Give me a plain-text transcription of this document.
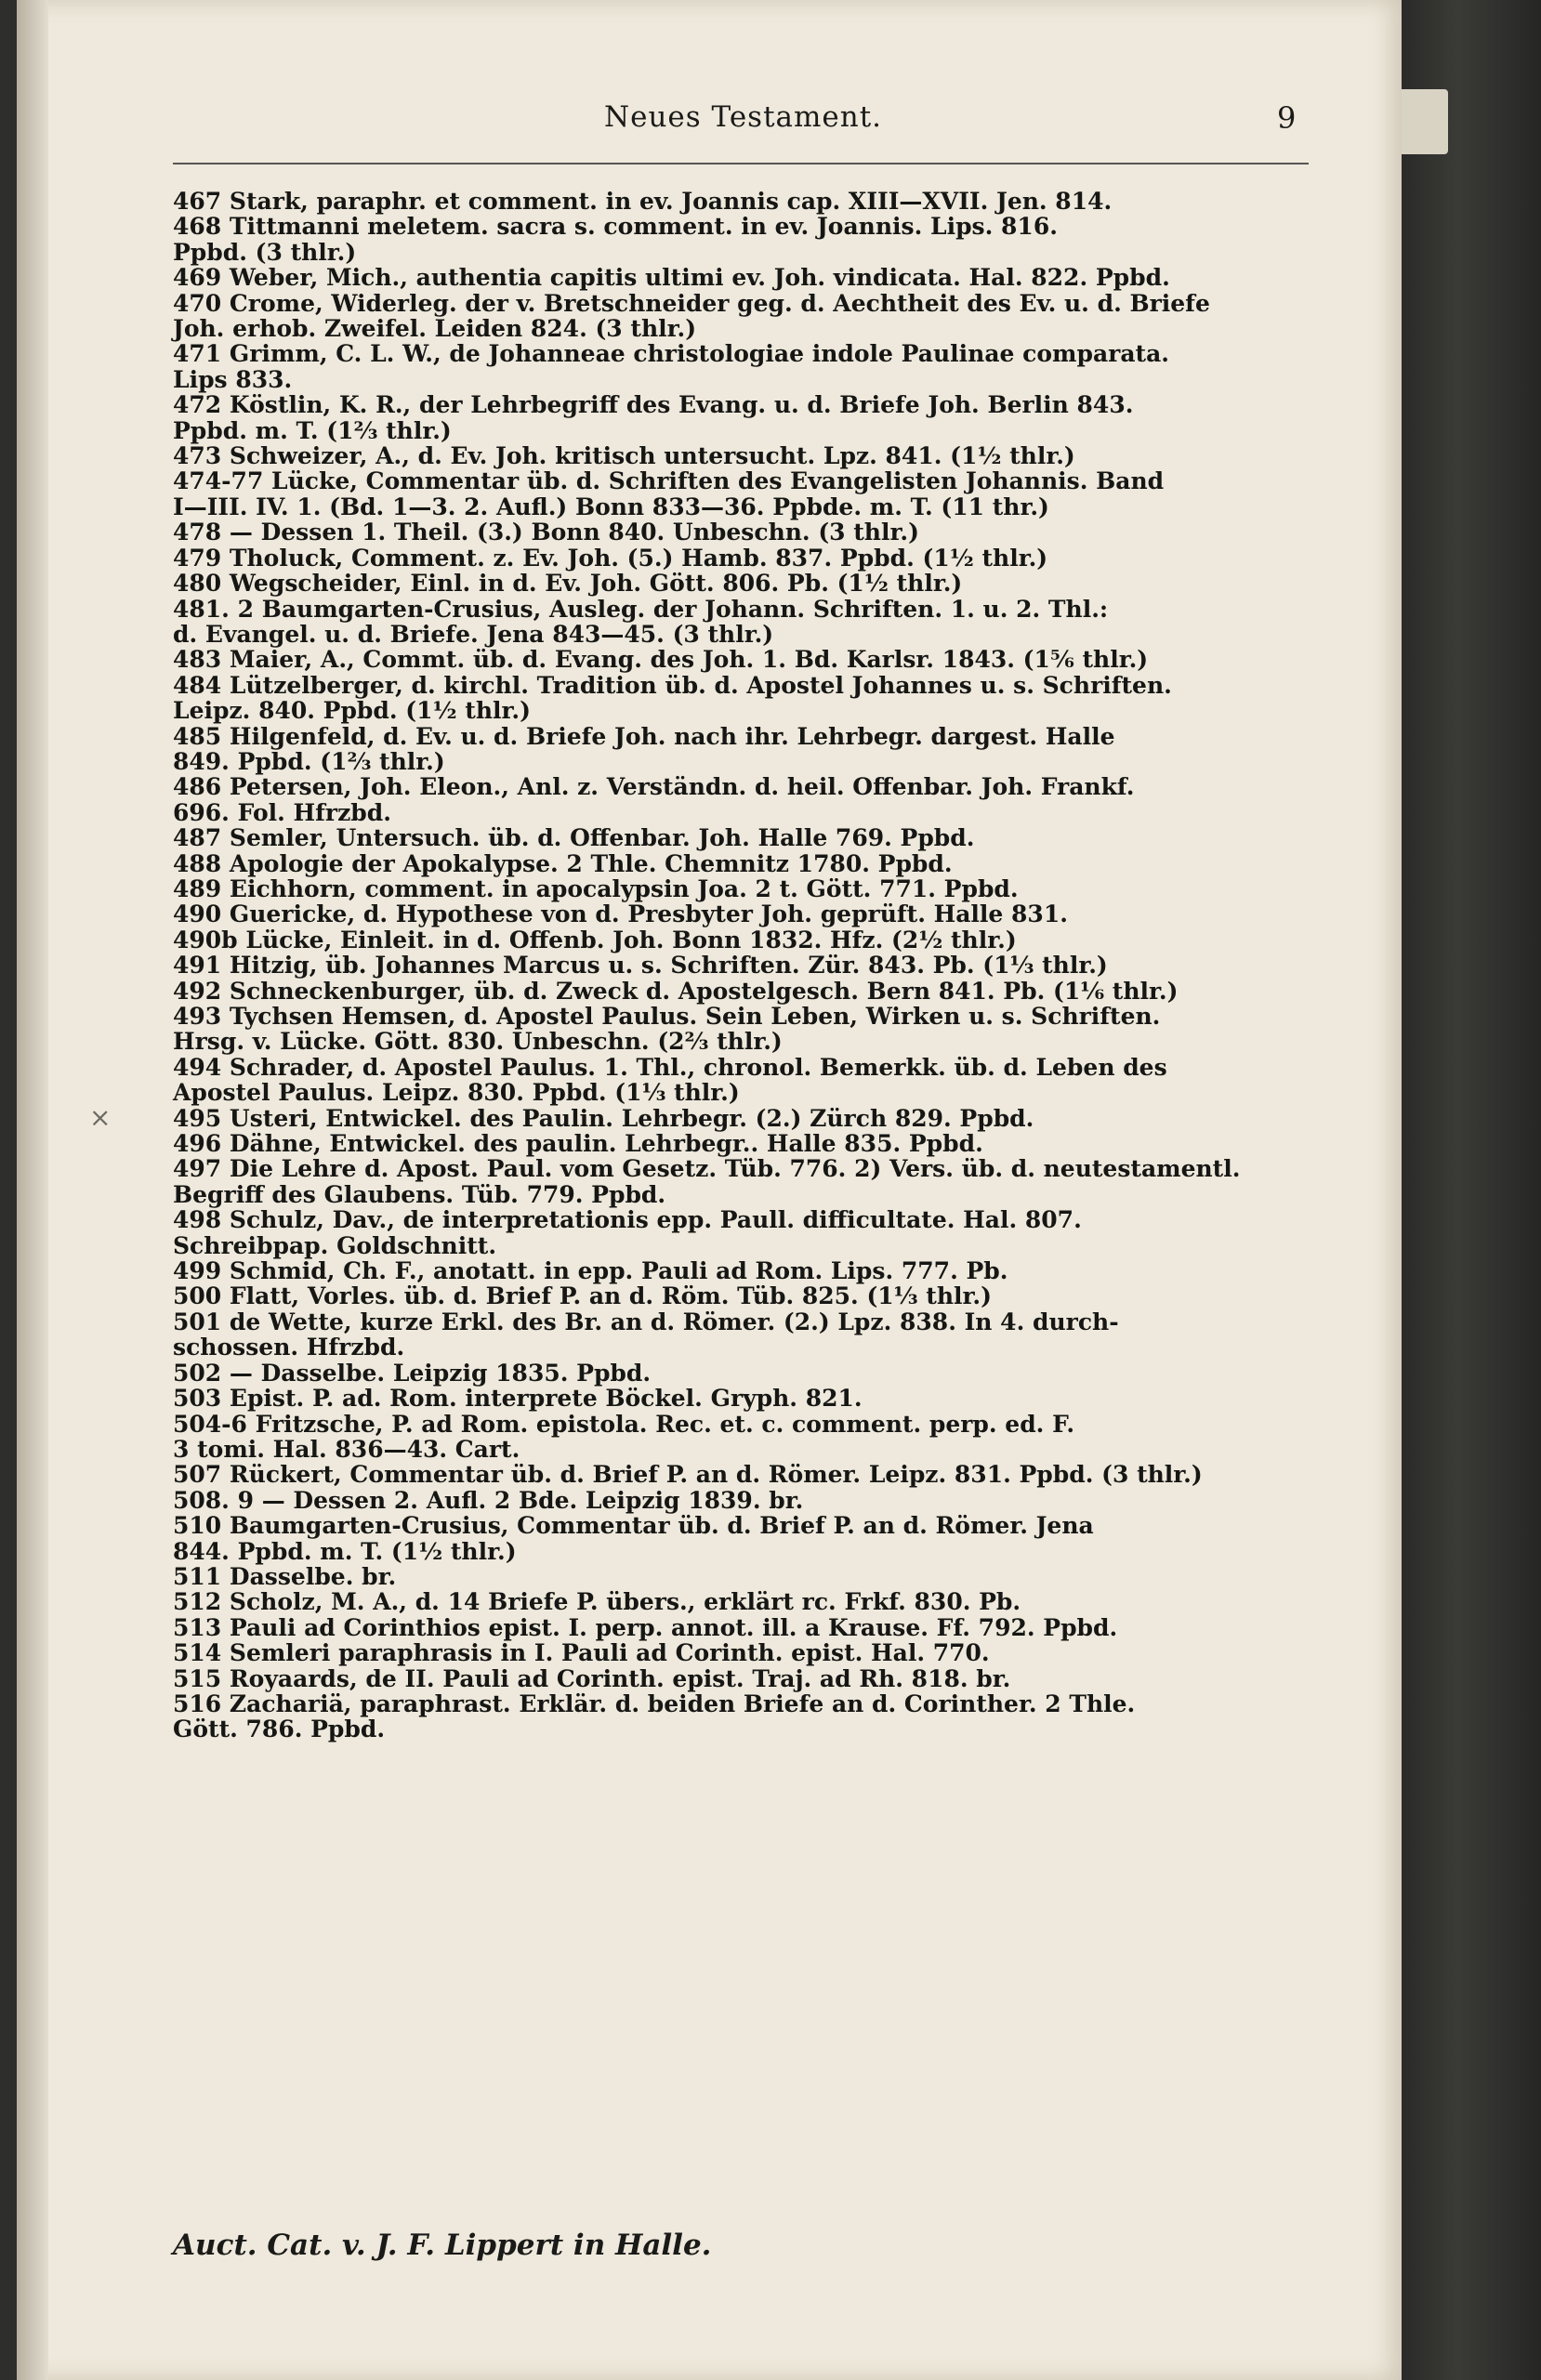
Neues Testament.	9
467 Stark, paraphr. et comment. in ev. Joannis cap. XIII—XVII. Jen. 814.
468 Tittmanni meletem. sacra s. comment. in ev. Joannis. Lips. 816.
Ppbd. (3 thlr.)
469 Weber, Mich., authentia capitis ultimi ev. Joh. vindicata. Hal. 822. Ppbd.
470 Crome, Widerleg. der v. Bretschneider geg. d. Aechtheit des Ev. u. d. Briefe
Joh. erhob. Zweifel. Leiden 824. (3 thlr.)
471 Grimm, C. L. W., de Johanneae christologiae indole Paulinae comparata.
Lips 833.
472 Köstlin, K. R., der Lehrbegriff des Evang. u. d. Briefe Joh. Berlin 843.
Ppbd. m. T. (1⅔ thlr.)
473 Schweizer, A., d. Ev. Joh. kritisch untersucht. Lpz. 841. (1½ thlr.)
474-77 Lücke, Commentar üb. d. Schriften des Evangelisten Johannis. Band
I—III. IV. 1. (Bd. 1—3. 2. Aufl.) Bonn 833—36. Ppbde. m. T. (11 thr.)
478 — Dessen 1. Theil. (3.) Bonn 840. Unbeschn. (3 thlr.)
479 Tholuck, Comment. z. Ev. Joh. (5.) Hamb. 837. Ppbd. (1½ thlr.)
480 Wegscheider, Einl. in d. Ev. Joh. Gött. 806. Pb. (1½ thlr.)
481. 2 Baumgarten-Crusius, Ausleg. der Johann. Schriften. 1. u. 2. Thl.:
d. Evangel. u. d. Briefe. Jena 843—45. (3 thlr.)
483 Maier, A., Commt. üb. d. Evang. des Joh. 1. Bd. Karlsr. 1843. (1⅚ thlr.)
484 Lützelberger, d. kirchl. Tradition üb. d. Apostel Johannes u. s. Schriften.
Leipz. 840. Ppbd. (1½ thlr.)
485 Hilgenfeld, d. Ev. u. d. Briefe Joh. nach ihr. Lehrbegr. dargest. Halle
849. Ppbd. (1⅔ thlr.)
486 Petersen, Joh. Eleon., Anl. z. Verständn. d. heil. Offenbar. Joh. Frankf.
696. Fol. Hfrzbd.
487 Semler, Untersuch. üb. d. Offenbar. Joh. Halle 769. Ppbd.
488 Apologie der Apokalypse. 2 Thle. Chemnitz 1780. Ppbd.
489 Eichhorn, comment. in apocalypsin Joa. 2 t. Gött. 771. Ppbd.
490 Guericke, d. Hypothese von d. Presbyter Joh. geprüft. Halle 831.
490b Lücke, Einleit. in d. Offenb. Joh. Bonn 1832. Hfz. (2½ thlr.)
491 Hitzig, üb. Johannes Marcus u. s. Schriften. Zür. 843. Pb. (1⅓ thlr.)
492 Schneckenburger, üb. d. Zweck d. Apostelgesch. Bern 841. Pb. (1⅙ thlr.)
493 Tychsen Hemsen, d. Apostel Paulus. Sein Leben, Wirken u. s. Schriften.
Hrsg. v. Lücke. Gött. 830. Unbeschn. (2⅔ thlr.)
494 Schrader, d. Apostel Paulus. 1. Thl., chronol. Bemerkk. üb. d. Leben des
Apostel Paulus. Leipz. 830. Ppbd. (1⅓ thlr.)
495 Usteri, Entwickel. des Paulin. Lehrbegr. (2.) Zürch 829. Ppbd.
496 Dähne, Entwickel. des paulin. Lehrbegr.. Halle 835. Ppbd.
497 Die Lehre d. Apost. Paul. vom Gesetz. Tüb. 776. 2) Vers. üb. d. neutestamentl.
Begriff des Glaubens. Tüb. 779. Ppbd.
498 Schulz, Dav., de interpretationis epp. Paull. difficultate. Hal. 807.
Schreibpap. Goldschnitt.
499 Schmid, Ch. F., anotatt. in epp. Pauli ad Rom. Lips. 777. Pb.
500 Flatt, Vorles. üb. d. Brief P. an d. Röm. Tüb. 825. (1⅓ thlr.)
501 de Wette, kurze Erkl. des Br. an d. Römer. (2.) Lpz. 838. In 4. durch-
schossen. Hfrzbd.
502 — Dasselbe. Leipzig 1835. Ppbd.
503 Epist. P. ad. Rom. interprete Böckel. Gryph. 821.
504-6 Fritzsche, P. ad Rom. epistola. Rec. et. c. comment. perp. ed. F.
3 tomi. Hal. 836—43. Cart.
507 Rückert, Commentar üb. d. Brief P. an d. Römer. Leipz. 831. Ppbd. (3 thlr.)
508. 9 — Dessen 2. Aufl. 2 Bde. Leipzig 1839. br.
510 Baumgarten-Crusius, Commentar üb. d. Brief P. an d. Römer. Jena
844. Ppbd. m. T. (1½ thlr.)
511 Dasselbe. br.
512 Scholz, M. A., d. 14 Briefe P. übers., erklärt rc. Frkf. 830. Pb.
513 Pauli ad Corinthios epist. I. perp. annot. ill. a Krause. Ff. 792. Ppbd.
514 Semleri paraphrasis in I. Pauli ad Corinth. epist. Hal. 770.
515 Royaards, de II. Pauli ad Corinth. epist. Traj. ad Rh. 818. br.
516 Zachariä, paraphrast. Erklär. d. beiden Briefe an d. Corinther. 2 Thle.
Gött. 786. Ppbd.
×
Auct. Cat. v. J. F. Lippert in Halle.
